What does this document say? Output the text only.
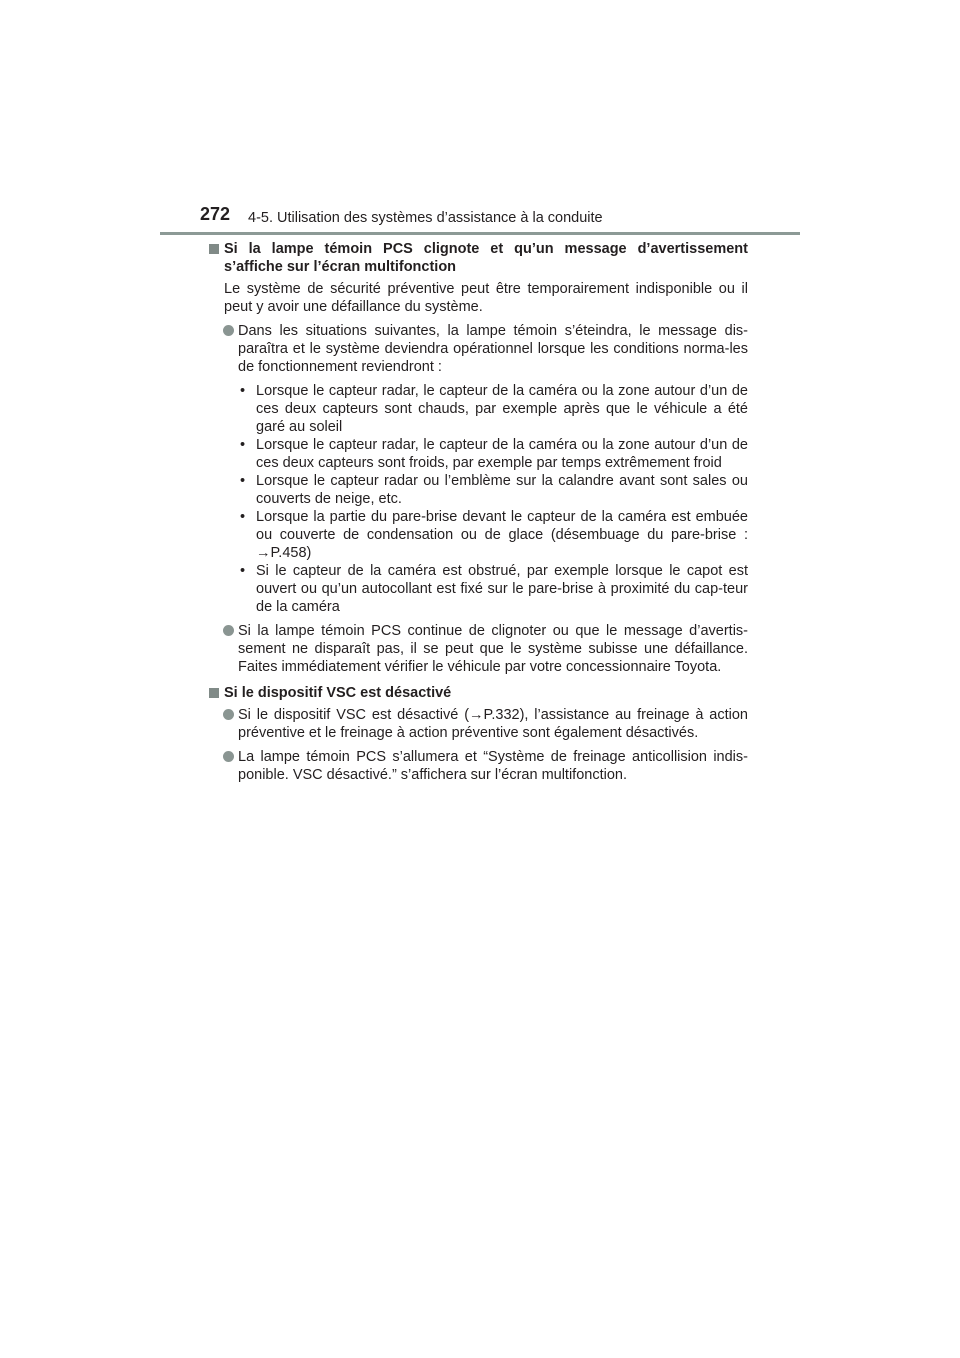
272 4-5. Utilisation des systèmes d’assistance à la conduite
Si la lampe témoin PCS clignote et qu’un message d’avertissement s’affiche sur l’écran multifonction
Le système de sécurité préventive peut être temporairement indisponible ou il peut y avoir une défaillance du système.
Dans les situations suivantes, la lampe témoin s’éteindra, le message dis-paraîtra et le système deviendra opérationnel lorsque les conditions norma-les de fonctionnement reviendront :
• Lorsque le capteur radar, le capteur de la caméra ou la zone autour d’un de ces deux capteurs sont chauds, par exemple après que le véhicule a été garé au soleil
• Lorsque le capteur radar, le capteur de la caméra ou la zone autour d’un de ces deux capteurs sont froids, par exemple par temps extrêmement froid
• Lorsque le capteur radar ou l’emblème sur la calandre avant sont sales ou couverts de neige, etc.
• Lorsque la partie du pare-brise devant le capteur de la caméra est embuée ou couverte de condensation ou de glace (désembuage du pare-brise : →P.458)
• Si le capteur de la caméra est obstrué, par exemple lorsque le capot est ouvert ou qu’un autocollant est fixé sur le pare-brise à proximité du cap-teur de la caméra
Si la lampe témoin PCS continue de clignoter ou que le message d’avertis-sement ne disparaît pas, il se peut que le système subisse une défaillance. Faites immédiatement vérifier le véhicule par votre concessionnaire Toyota.
Si le dispositif VSC est désactivé
Si le dispositif VSC est désactivé (→P.332), l’assistance au freinage à action préventive et le freinage à action préventive sont également désactivés.
La lampe témoin PCS s’allumera et “Système de freinage anticollision indis-ponible. VSC désactivé.” s’affichera sur l’écran multifonction.
